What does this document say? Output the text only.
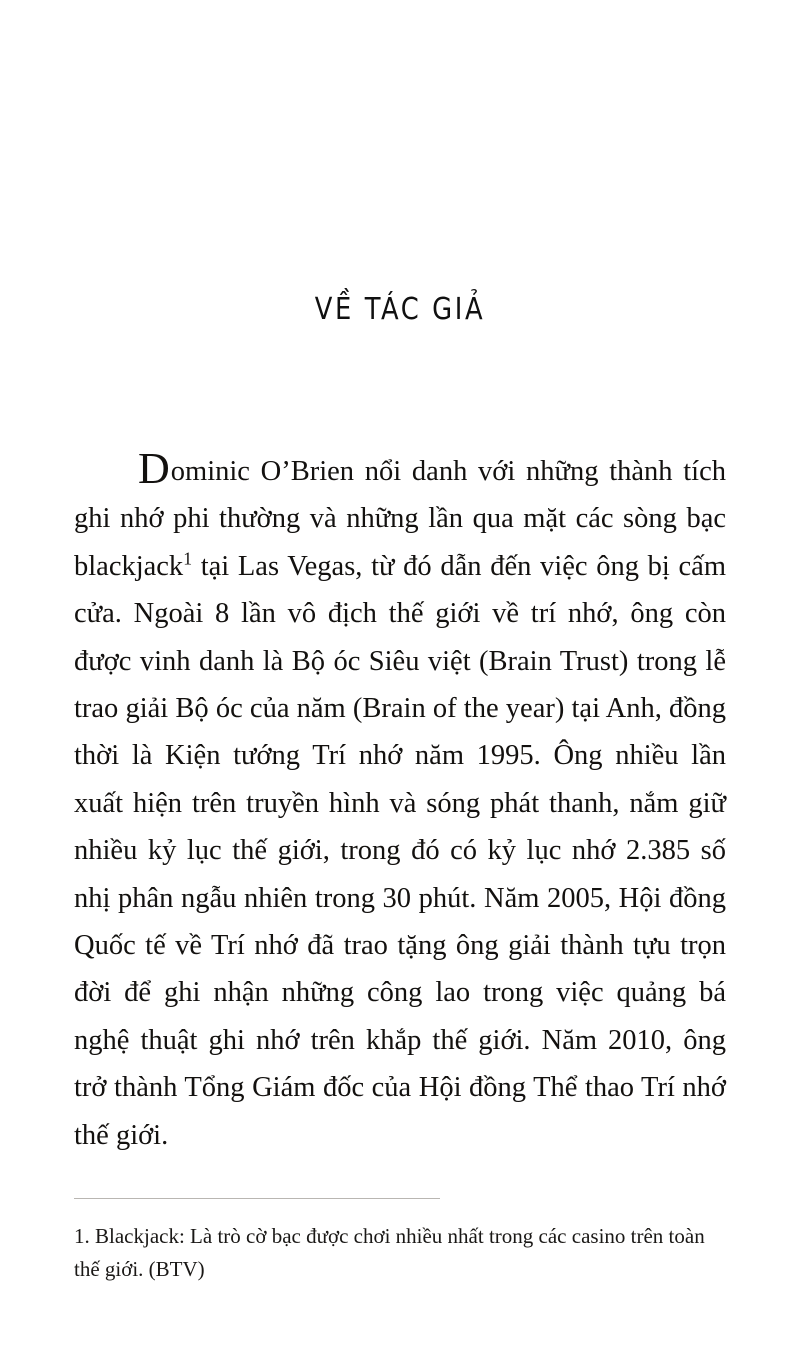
VỀ TÁC GIẢ
Dominic O’Brien nổi danh với những thành tích ghi nhớ phi thường và những lần qua mặt các sòng bạc blackjack$^1$ tại Las Vegas, từ đó dẫn đến việc ông bị cấm cửa. Ngoài 8 lần vô địch thế giới về trí nhớ, ông còn được vinh danh là Bộ óc Siêu việt (Brain Trust) trong lễ trao giải Bộ óc của năm (Brain of the year) tại Anh, đồng thời là Kiện tướng Trí nhớ năm 1995. Ông nhiều lần xuất hiện trên truyền hình và sóng phát thanh, nắm giữ nhiều kỷ lục thế giới, trong đó có kỷ lục nhớ 2.385 số nhị phân ngẫu nhiên trong 30 phút. Năm 2005, Hội đồng Quốc tế về Trí nhớ đã trao tặng ông giải thành tựu trọn đời để ghi nhận những công lao trong việc quảng bá nghệ thuật ghi nhớ trên khắp thế giới. Năm 2010, ông trở thành Tổng Giám đốc của Hội đồng Thể thao Trí nhớ thế giới.
1. Blackjack: Là trò cờ bạc được chơi nhiều nhất trong các casino trên toàn thế giới. (BTV)
